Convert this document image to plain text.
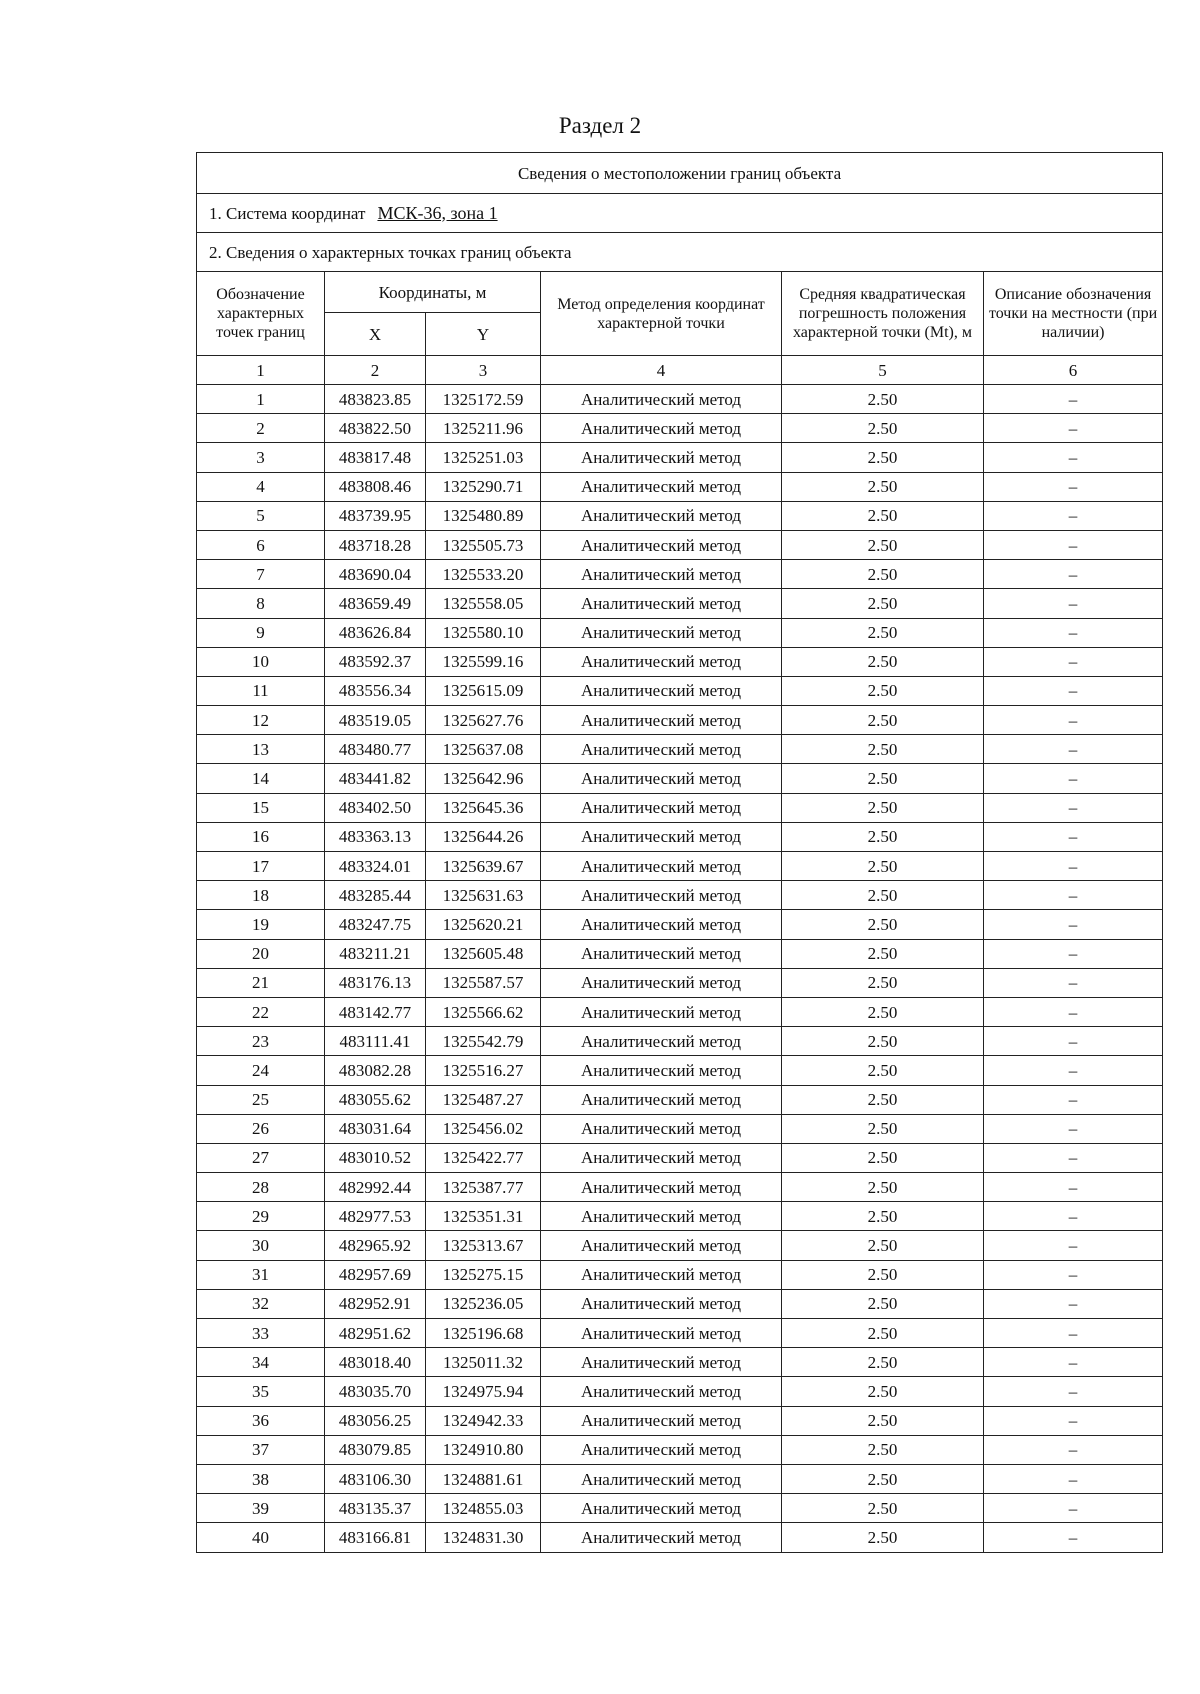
Раздел 2
Сведения о местоположении границ объекта					
1. Система координат МСК-36, зона 1					
2. Сведения о характерных точках границ объекта					
Обозначение характерных точек границ	Координаты, м		Метод определения координат характерной точки	Средняя квадратическая погрешность положения характерной точки (Mt), м	Описание обозначения точки на местности (при наличии)
	X	Y			
1	2	3	4	5	6
1	483823.85	1325172.59	Аналитический метод	2.50	–
2	483822.50	1325211.96	Аналитический метод	2.50	–
3	483817.48	1325251.03	Аналитический метод	2.50	–
4	483808.46	1325290.71	Аналитический метод	2.50	–
5	483739.95	1325480.89	Аналитический метод	2.50	–
6	483718.28	1325505.73	Аналитический метод	2.50	–
7	483690.04	1325533.20	Аналитический метод	2.50	–
8	483659.49	1325558.05	Аналитический метод	2.50	–
9	483626.84	1325580.10	Аналитический метод	2.50	–
10	483592.37	1325599.16	Аналитический метод	2.50	–
11	483556.34	1325615.09	Аналитический метод	2.50	–
12	483519.05	1325627.76	Аналитический метод	2.50	–
13	483480.77	1325637.08	Аналитический метод	2.50	–
14	483441.82	1325642.96	Аналитический метод	2.50	–
15	483402.50	1325645.36	Аналитический метод	2.50	–
16	483363.13	1325644.26	Аналитический метод	2.50	–
17	483324.01	1325639.67	Аналитический метод	2.50	–
18	483285.44	1325631.63	Аналитический метод	2.50	–
19	483247.75	1325620.21	Аналитический метод	2.50	–
20	483211.21	1325605.48	Аналитический метод	2.50	–
21	483176.13	1325587.57	Аналитический метод	2.50	–
22	483142.77	1325566.62	Аналитический метод	2.50	–
23	483111.41	1325542.79	Аналитический метод	2.50	–
24	483082.28	1325516.27	Аналитический метод	2.50	–
25	483055.62	1325487.27	Аналитический метод	2.50	–
26	483031.64	1325456.02	Аналитический метод	2.50	–
27	483010.52	1325422.77	Аналитический метод	2.50	–
28	482992.44	1325387.77	Аналитический метод	2.50	–
29	482977.53	1325351.31	Аналитический метод	2.50	–
30	482965.92	1325313.67	Аналитический метод	2.50	–
31	482957.69	1325275.15	Аналитический метод	2.50	–
32	482952.91	1325236.05	Аналитический метод	2.50	–
33	482951.62	1325196.68	Аналитический метод	2.50	–
34	483018.40	1325011.32	Аналитический метод	2.50	–
35	483035.70	1324975.94	Аналитический метод	2.50	–
36	483056.25	1324942.33	Аналитический метод	2.50	–
37	483079.85	1324910.80	Аналитический метод	2.50	–
38	483106.30	1324881.61	Аналитический метод	2.50	–
39	483135.37	1324855.03	Аналитический метод	2.50	–
40	483166.81	1324831.30	Аналитический метод	2.50	–
